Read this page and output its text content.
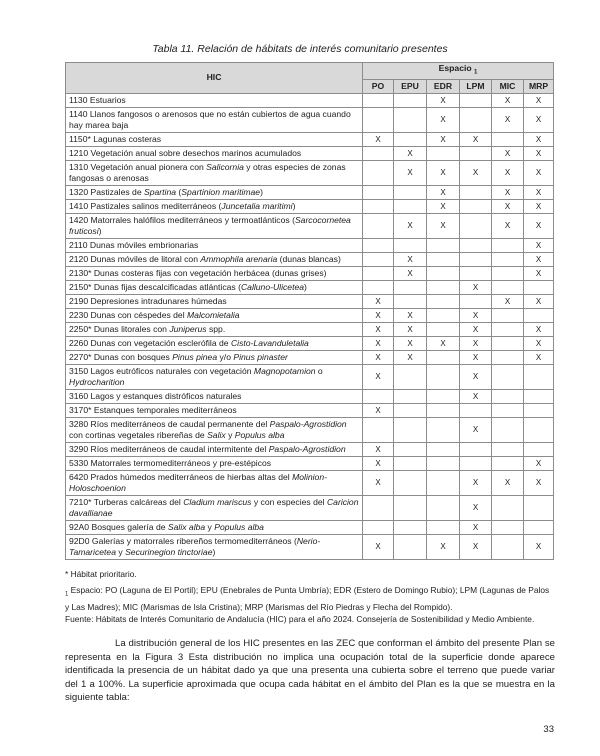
Tabla 11. Relación de hábitats de interés comunitario presentes
HIC	Espacio $^1$
	PO	EPU	EDR	LPM	MIC	MRP
1130 Estuarios			X		X	X
1140 Llanos fangosos o arenosos que no están cubiertos de agua cuando hay marea baja			X		X	X
1150* Lagunas costeras	X		X	X		X
1210 Vegetación anual sobre desechos marinos acumulados		X			X	X
1310 Vegetación anual pionera con Salicornia y otras especies de zonas fangosas o arenosas		X	X	X	X	X
1320 Pastizales de Spartina (Spartinion maritimae)			X		X	X
1410 Pastizales salinos mediterráneos (Juncetalia maritimi)			X		X	X
1420 Matorrales halófilos mediterráneos y termoatlánticos (Sarcocornetea fruticosi)		X	X		X	X
2110 Dunas móviles embrionarias						X
2120 Dunas móviles de litoral con Ammophila arenaria (dunas blancas)		X				X
2130* Dunas costeras fijas con vegetación herbácea (dunas grises)		X				X
2150* Dunas fijas descalcificadas atlánticas (Calluno-Ulicetea)				X		
2190 Depresiones intradunares húmedas	X				X	X
2230 Dunas con céspedes del Malcomietalia	X	X		X		
2250* Dunas litorales con Juniperus spp.	X	X		X		X
2260 Dunas con vegetación esclerófila de Cisto-Lavanduletalia	X	X	X	X		X
2270* Dunas con bosques Pinus pinea y/o Pinus pinaster	X	X		X		X
3150 Lagos eutróficos naturales con vegetación Magnopotamion o Hydrocharition	X			X		
3160 Lagos y estanques distróficos naturales				X		
3170* Estanques temporales mediterráneos	X					
3280 Ríos mediterráneos de caudal permanente del Paspalo-Agrostidion con cortinas vegetales ribereñas de Salix y Populus alba				X		
3290 Ríos mediterráneos de caudal intermitente del Paspalo-Agrostidion	X					
5330 Matorrales termomediterráneos y pre-estépicos	X					X
6420 Prados húmedos mediterráneos de hierbas altas del Molinion-Holoschoenion	X			X	X	X
7210* Turberas calcáreas del Cladium mariscus y con especies del Caricion davallianae				X		
92A0 Bosques galería de Salix alba y Populus alba				X		
92D0 Galerías y matorrales ribereños termomediterráneos (Nerio-Tamaricetea y Securinegion tinctoriae)	X		X	X		X
* Hábitat prioritario.
$^1$ Espacio: PO (Laguna de El Portil); EPU (Enebrales de Punta Umbría); EDR (Estero de Domingo Rubio); LPM (Lagunas de Palos y Las Madres); MIC (Marismas de Isla Cristina); MRP (Marismas del Río Piedras y Flecha del Rompido).
Fuente: Hábitats de Interés Comunitario de Andalucía (HIC) para el año 2024. Consejería de Sostenibilidad y Medio Ambiente.
La distribución general de los HIC presentes en las ZEC que conforman el ámbito del presente Plan se representa en la Figura 3 Esta distribución no implica una ocupación total de la superficie donde aparece identificada la presencia de un hábitat dado ya que una presenta una cubierta sobre el terreno que puede variar del 1 a 100%. La superficie aproximada que ocupa cada hábitat en el ámbito del Plan es la que se muestra en la siguiente tabla:
33
